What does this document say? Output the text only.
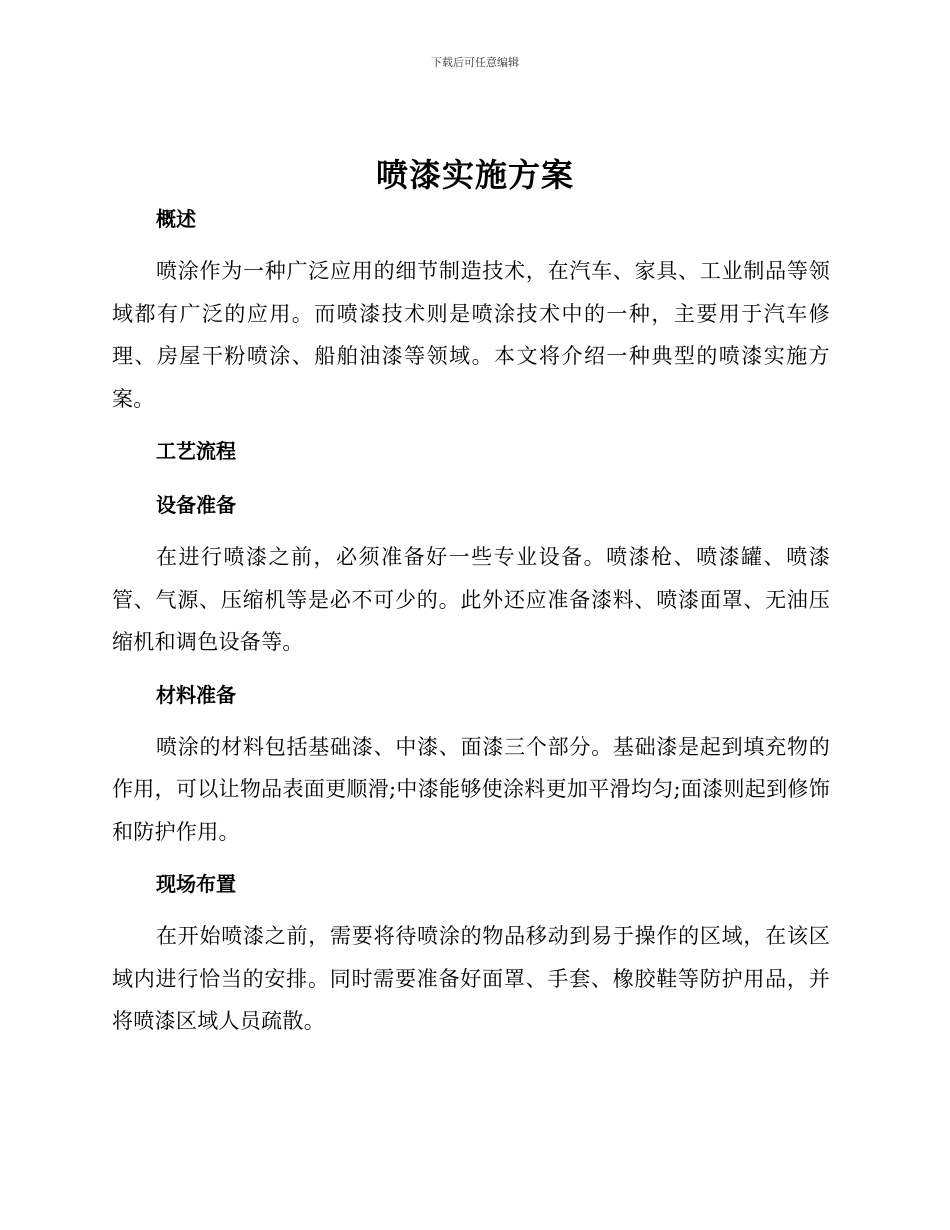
下载后可任意编辑
喷漆实施方案
概述

喷涂作为一种广泛应用的细节制造技术，在汽车、家具、工业制品等领域都有广泛的应用。而喷漆技术则是喷涂技术中的一种，主要用于汽车修理、房屋干粉喷涂、船舶油漆等领域。本文将介绍一种典型的喷漆实施方案。

工艺流程
设备准备

在进行喷漆之前，必须准备好一些专业设备。喷漆枪、喷漆罐、喷漆管、气源、压缩机等是必不可少的。此外还应准备漆料、喷漆面罩、无油压缩机和调色设备等。

材料准备

喷涂的材料包括基础漆、中漆、面漆三个部分。基础漆是起到填充物的作用，可以让物品表面更顺滑;中漆能够使涂料更加平滑均匀;面漆则起到修饰和防护作用。

现场布置

在开始喷漆之前，需要将待喷涂的物品移动到易于操作的区域，在该区域内进行恰当的安排。同时需要准备好面罩、手套、橡胶鞋等防护用品，并将喷漆区域人员疏散。
